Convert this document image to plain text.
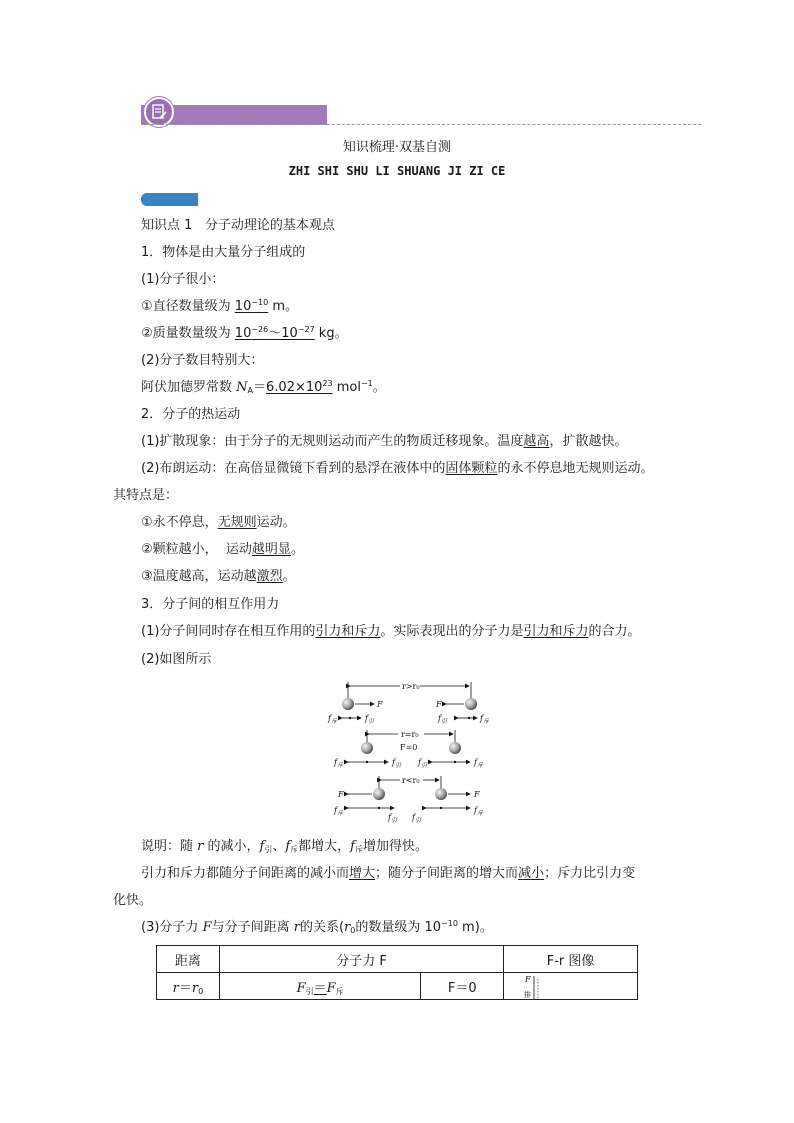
知识梳理·双基自测
ZHI SHI SHU LI SHUANG JI ZI CE
知识点 1 分子动理论的基本观点
1．物体是由大量分子组成的
(1)分子很小：
①直径数量级为 $10^{-10}$ m。
②质量数量级为 $10^{-26}\sim 10^{-27}$ kg。
(2)分子数目特别大：
阿伏加德罗常数 $N_A=6.02\times 10^{23}$ mol$^{-1}$。
2．分子的热运动
(1)扩散现象：由于分子的无规则运动而产生的物质迁移现象。温度越高，扩散越快。
(2)布朗运动：在高倍显微镜下看到的悬浮在液体中的固体颗粒的永不停息地无规则运动。
其特点是：
①永不停息，无规则运动。
②颗粒越小，  运动越明显。
③温度越高，运动越激烈。
3．分子间的相互作用力
(1)分子间同时存在相互作用的引力和斥力。实际表现出的分子力是引力和斥力的合力。
(2)如图所示
r>r₀
F	F
$f_斥$	$f_引$	$f_引$	$f_斥$
r=r₀
F=0
$f_斥$	$f_引$ $f_引$	$f_斥$
r<r₀
F	F
$f_斥$	$f_引$ $f_引$
$f_斥$
说明：随 r 的减小，$f_引$、$f_斥$都增大，$f_斥$增加得快。
引力和斥力都随分子间距离的减小而增大；随分子间距离的增大而减小；斥力比引力变
化快。
(3)分子力 F与分子间距离 r的关系($r_0$的数量级为 $10^{-10}$ m)。
距离	分子力 F		F-r 图像
$r=r_0$	$F_引=F_斥$	F＝0	F
排
